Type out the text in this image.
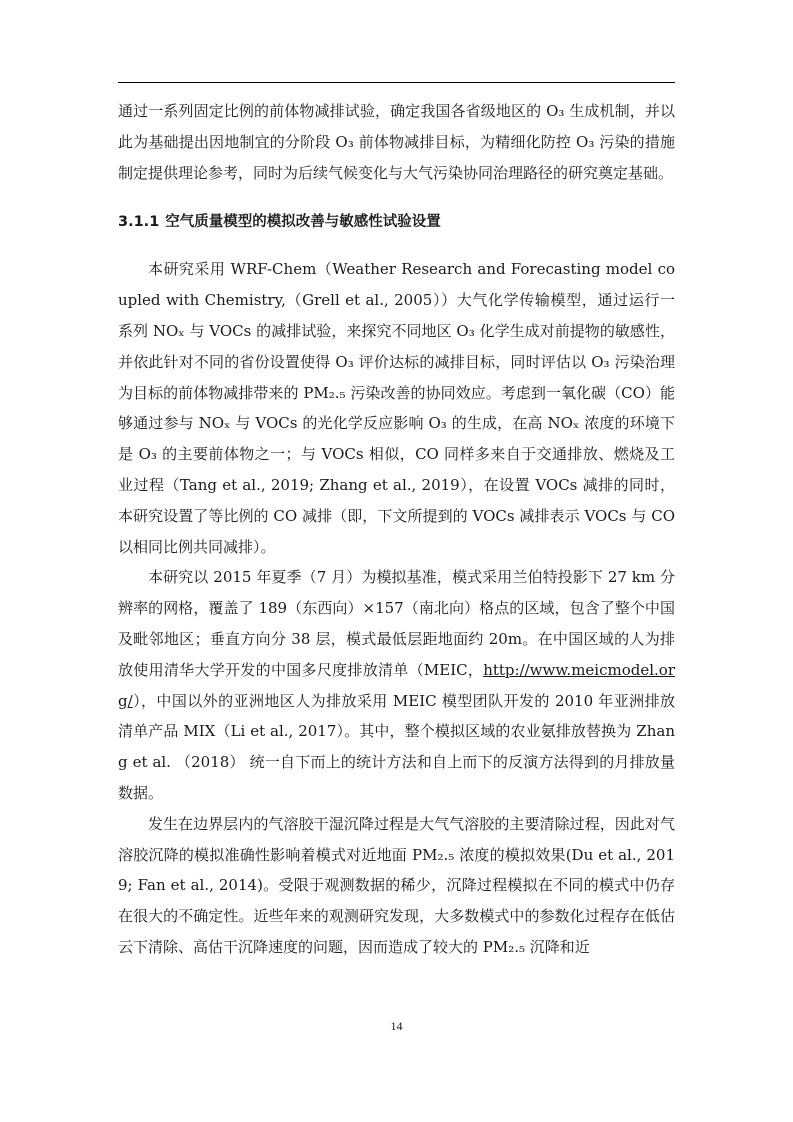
通过一系列固定比例的前体物减排试验，确定我国各省级地区的 O₃ 生成机制，并以此为基础提出因地制宜的分阶段 O₃ 前体物减排目标，为精细化防控 O₃ 污染的措施制定提供理论参考，同时为后续气候变化与大气污染协同治理路径的研究奠定基础。

3.1.1 空气质量模型的模拟改善与敏感性试验设置

本研究采用 WRF-Chem（Weather Research and Forecasting model coupled with Chemistry,（Grell et al., 2005））大气化学传输模型，通过运行一系列 NOₓ 与 VOCs 的减排试验，来探究不同地区 O₃ 化学生成对前提物的敏感性，并依此针对不同的省份设置使得 O₃ 评价达标的减排目标，同时评估以 O₃ 污染治理为目标的前体物减排带来的 PM₂.₅ 污染改善的协同效应。考虑到一氧化碳（CO）能够通过参与 NOₓ 与 VOCs 的光化学反应影响 O₃ 的生成，在高 NOₓ 浓度的环境下是 O₃ 的主要前体物之一；与 VOCs 相似，CO 同样多来自于交通排放、燃烧及工业过程（Tang et al., 2019; Zhang et al., 2019），在设置 VOCs 减排的同时，本研究设置了等比例的 CO 减排（即，下文所提到的 VOCs 减排表示 VOCs 与 CO 以相同比例共同减排）。

本研究以 2015 年夏季（7 月）为模拟基准，模式采用兰伯特投影下 27 km 分辨率的网格，覆盖了 189（东西向）×157（南北向）格点的区域，包含了整个中国及毗邻地区；垂直方向分 38 层，模式最低层距地面约 20m。在中国区域的人为排放使用清华大学开发的中国多尺度排放清单（MEIC，http://www.meicmodel.org/），中国以外的亚洲地区人为排放采用 MEIC 模型团队开发的 2010 年亚洲排放清单产品 MIX（Li et al., 2017）。其中，整个模拟区域的农业氨排放替换为 Zhang et al. （2018） 统一自下而上的统计方法和自上而下的反演方法得到的月排放量数据。

发生在边界层内的气溶胶干湿沉降过程是大气气溶胶的主要清除过程，因此对气溶胶沉降的模拟准确性影响着模式对近地面 PM₂.₅ 浓度的模拟效果(Du et al., 2019; Fan et al., 2014)。受限于观测数据的稀少，沉降过程模拟在不同的模式中仍存在很大的不确定性。近些年来的观测研究发现，大多数模式中的参数化过程存在低估云下清除、高估干沉降速度的问题，因而造成了较大的 PM₂.₅ 沉降和近

14
